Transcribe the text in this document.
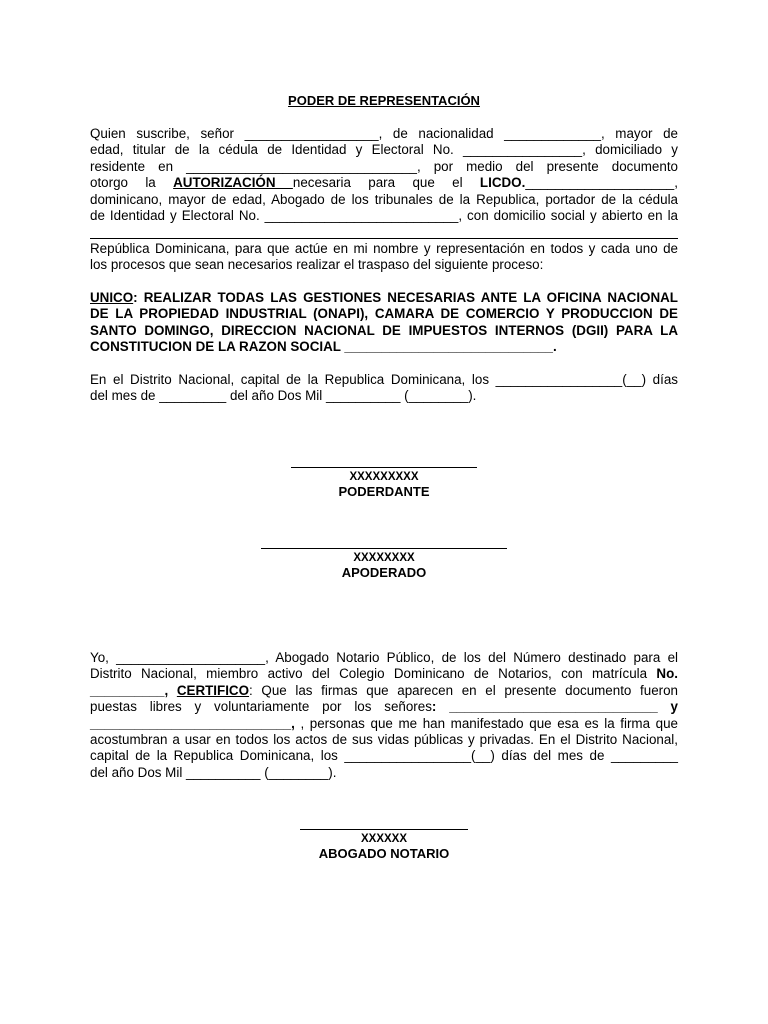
PODER DE REPRESENTACIÓN
Quien suscribe, señor __________________, de nacionalidad _____________, mayor de
edad, titular de la cédula de Identidad y Electoral No. ________________, domiciliado y
residente en _______________________________, por medio del presente documento
otorgo la AUTORIZACIÓN necesaria para que el LICDO.____________________,
dominicano, mayor de edad, Abogado de los tribunales de la Republica, portador de la cédula
de Identidad y Electoral No. __________________________, con domicilio social y abierto en la
República Dominicana, para que actúe en mi nombre y representación en todos y cada uno de
los procesos que sean necesarios realizar el traspaso del siguiente proceso:
UNICO: REALIZAR TODAS LAS GESTIONES NECESARIAS ANTE LA OFICINA NACIONAL
DE LA PROPIEDAD INDUSTRIAL (ONAPI), CAMARA DE COMERCIO Y PRODUCCION DE
SANTO DOMINGO, DIRECCION NACIONAL DE IMPUESTOS INTERNOS (DGII) PARA LA
CONSTITUCION DE LA RAZON SOCIAL ____________________________.
En el Distrito Nacional, capital de la Republica Dominicana, los _________________(__) días
del mes de _________ del año Dos Mil __________ (________).
XXXXXXXXX
PODERDANTE
XXXXXXXX
APODERADO
Yo, ____________________, Abogado Notario Público, de los del Número destinado para el
Distrito Nacional, miembro activo del Colegio Dominicano de Notarios, con matrícula No.
__________, CERTIFICO: Que las firmas que aparecen en el presente documento fueron
puestas libres y voluntariamente por los señores: ____________________________ y
___________________________, , personas que me han manifestado que esa es la firma que
acostumbran a usar en todos los actos de sus vidas públicas y privadas. En el Distrito Nacional,
capital de la Republica Dominicana, los _________________(__) días del mes de _________
del año Dos Mil __________ (________).
XXXXXX
ABOGADO NOTARIO
